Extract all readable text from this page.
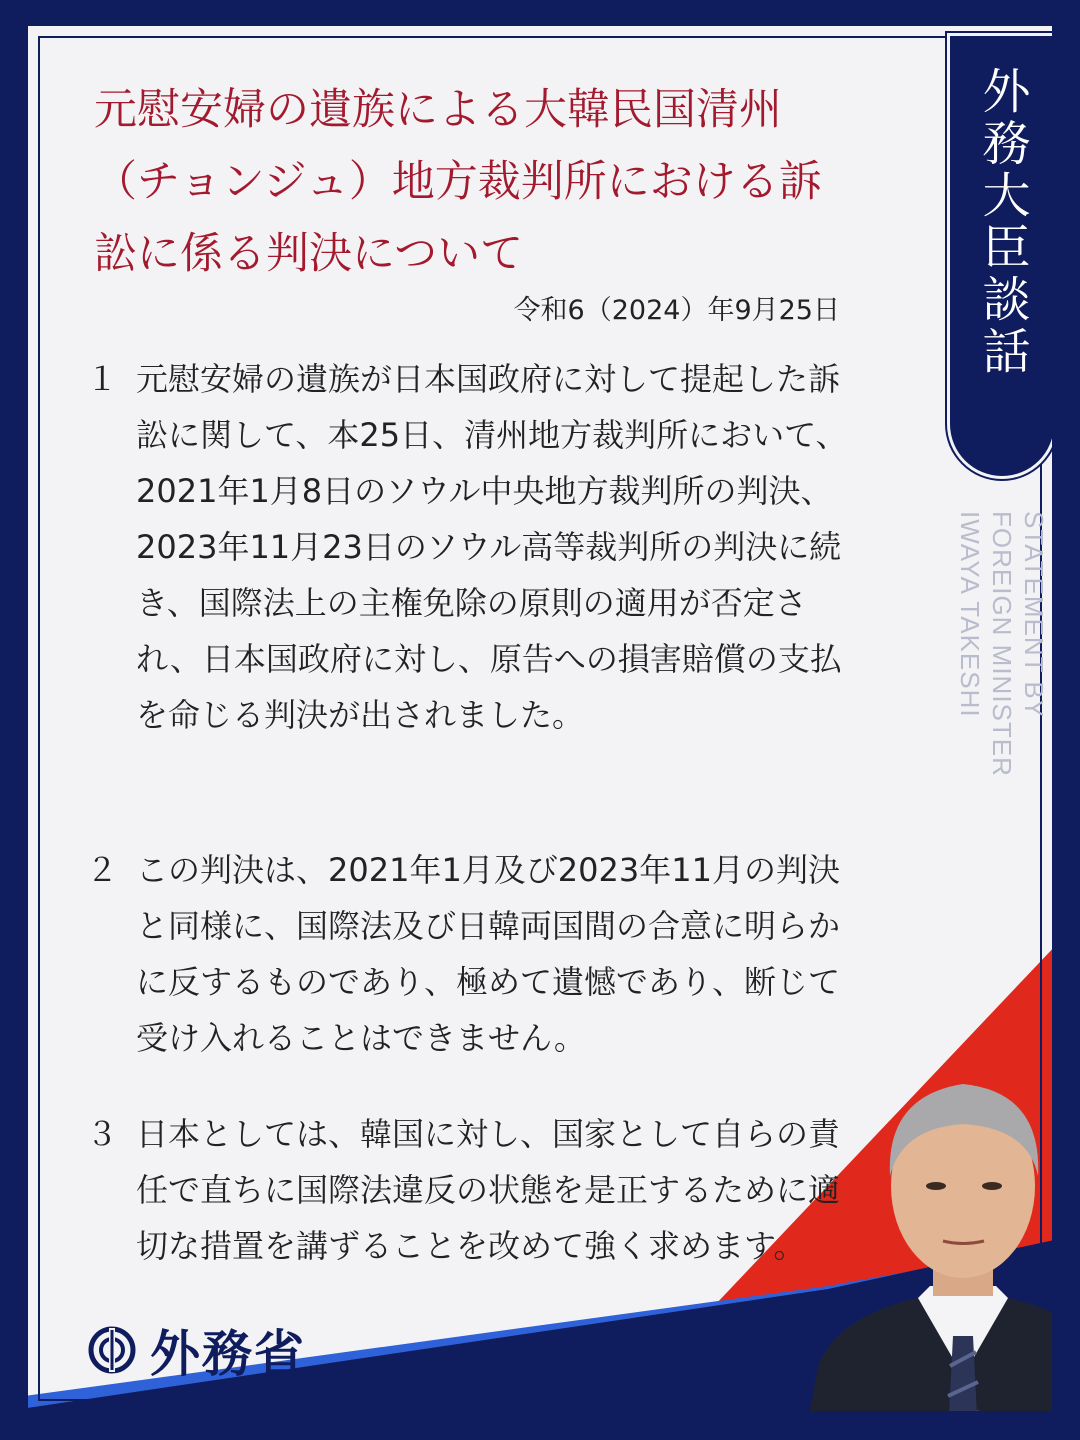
元慰安婦の遺族による大韓民国清州（チョンジュ）地方裁判所における訴訟に係る判決について
令和6（2024）年9月25日
１ 元慰安婦の遺族が日本国政府に対して提起した訴訟に関して、本25日、清州地方裁判所において、2021年1月8日のソウル中央地方裁判所の判決、2023年11月23日のソウル高等裁判所の判決に続き、国際法上の主権免除の原則の適用が否定され、日本国政府に対し、原告への損害賠償の支払を命じる判決が出されました。
２ この判決は、2021年1月及び2023年11月の判決と同様に、国際法及び日韓両国間の合意に明らかに反するものであり、極めて遺憾であり、断じて受け入れることはできません。
３ 日本としては、韓国に対し、国家として自らの責任で直ちに国際法違反の状態を是正するために適切な措置を講ずることを改めて強く求めます。
外務大臣談話
STATEMENT BY FOREIGN MINISTER IWAYA TAKESHI
外務省
